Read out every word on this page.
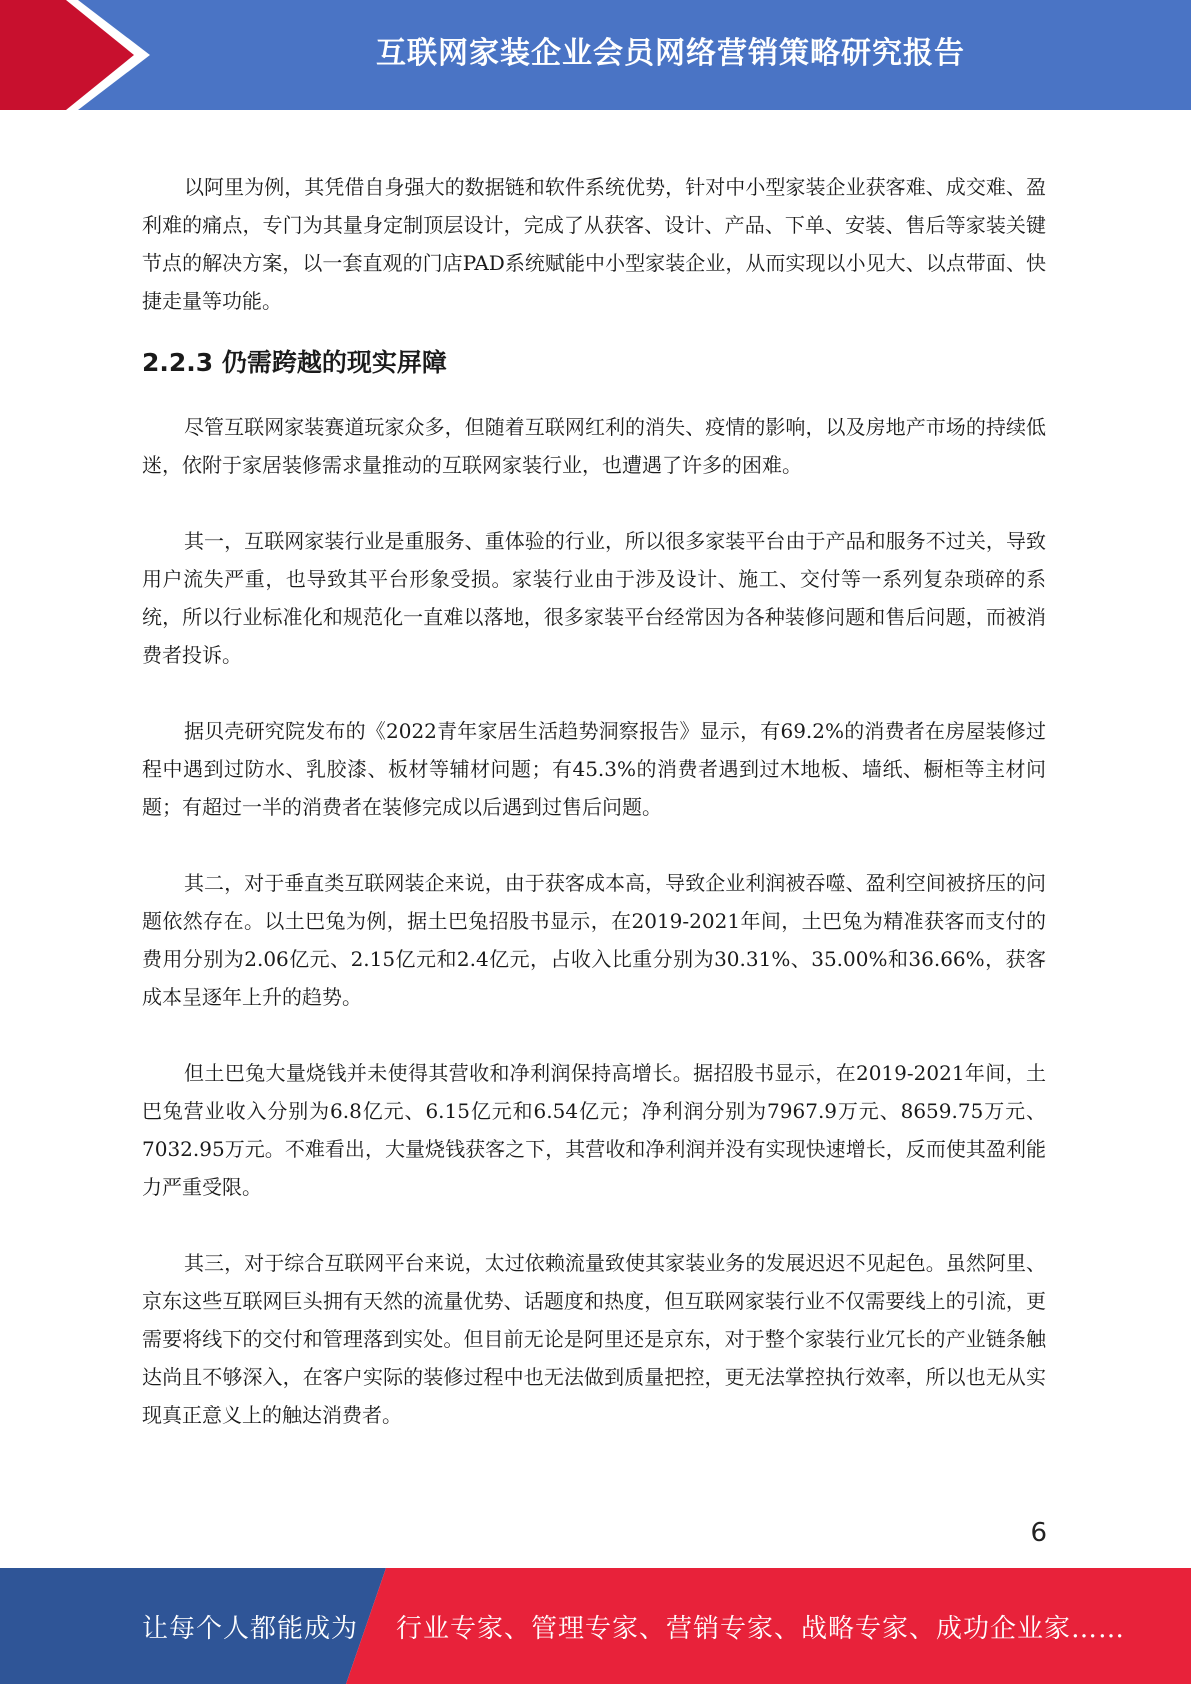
互联网家装企业会员网络营销策略研究报告

以阿里为例，其凭借自身强大的数据链和软件系统优势，针对中小型家装企业获客难、成交难、盈利难的痛点，专门为其量身定制顶层设计，完成了从获客、设计、产品、下单、安装、售后等家装关键节点的解决方案，以一套直观的门店PAD系统赋能中小型家装企业，从而实现以小见大、以点带面、快捷走量等功能。

2.2.3 仍需跨越的现实屏障

尽管互联网家装赛道玩家众多，但随着互联网红利的消失、疫情的影响，以及房地产市场的持续低迷，依附于家居装修需求量推动的互联网家装行业，也遭遇了许多的困难。

其一，互联网家装行业是重服务、重体验的行业，所以很多家装平台由于产品和服务不过关，导致用户流失严重，也导致其平台形象受损。家装行业由于涉及设计、施工、交付等一系列复杂琐碎的系统，所以行业标准化和规范化一直难以落地，很多家装平台经常因为各种装修问题和售后问题，而被消费者投诉。

据贝壳研究院发布的《2022青年家居生活趋势洞察报告》显示，有69.2%的消费者在房屋装修过程中遇到过防水、乳胶漆、板材等辅材问题；有45.3%的消费者遇到过木地板、墙纸、橱柜等主材问题；有超过一半的消费者在装修完成以后遇到过售后问题。

其二，对于垂直类互联网装企来说，由于获客成本高，导致企业利润被吞噬、盈利空间被挤压的问题依然存在。以土巴兔为例，据土巴兔招股书显示，在2019-2021年间，土巴兔为精准获客而支付的费用分别为2.06亿元、2.15亿元和2.4亿元，占收入比重分别为30.31%、35.00%和36.66%，获客成本呈逐年上升的趋势。

但土巴兔大量烧钱并未使得其营收和净利润保持高增长。据招股书显示，在2019-2021年间，土巴兔营业收入分别为6.8亿元、6.15亿元和6.54亿元；净利润分别为7967.9万元、8659.75万元、7032.95万元。不难看出，大量烧钱获客之下，其营收和净利润并没有实现快速增长，反而使其盈利能力严重受限。

其三，对于综合互联网平台来说，太过依赖流量致使其家装业务的发展迟迟不见起色。虽然阿里、京东这些互联网巨头拥有天然的流量优势、话题度和热度，但互联网家装行业不仅需要线上的引流，更需要将线下的交付和管理落到实处。但目前无论是阿里还是京东，对于整个家装行业冗长的产业链条触达尚且不够深入，在客户实际的装修过程中也无法做到质量把控，更无法掌控执行效率，所以也无从实现真正意义上的触达消费者。

6
让每个人都能成为 行业专家、管理专家、营销专家、战略专家、成功企业家……
